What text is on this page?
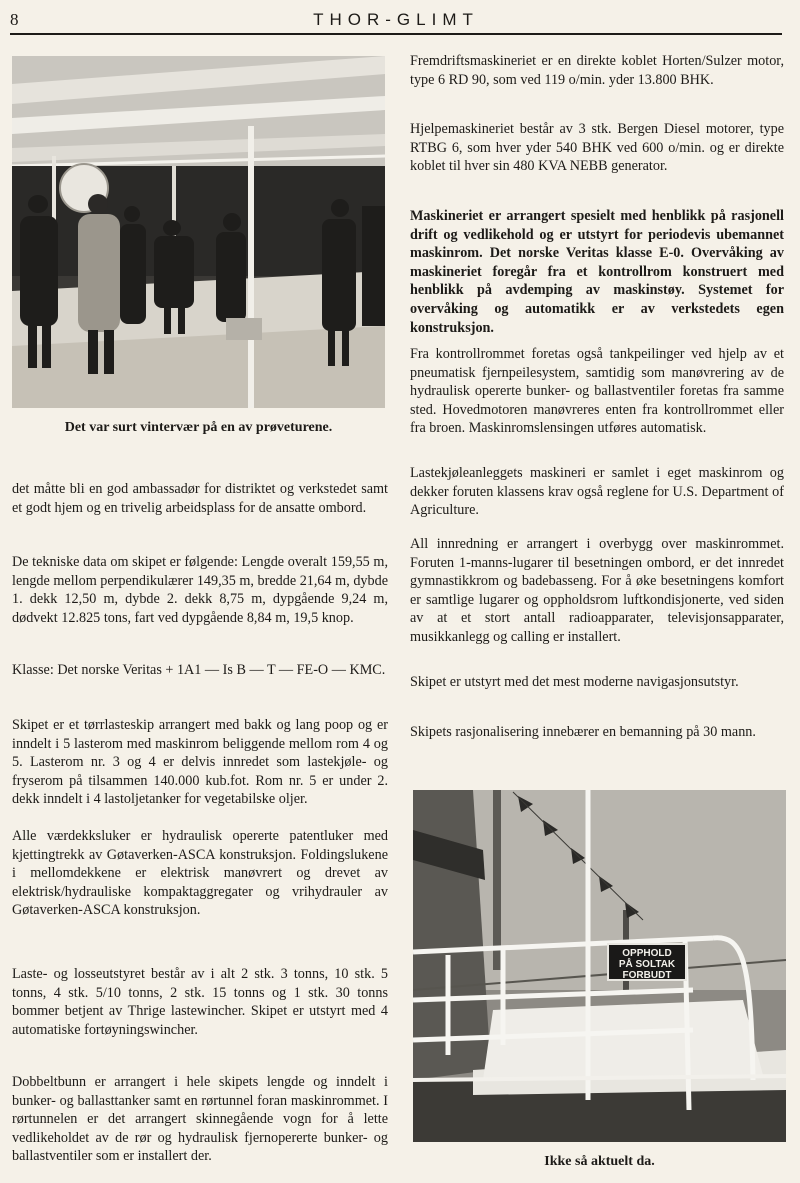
8	THOR-GLIMT
Det var surt vintervær på en av prøveturene.

det måtte bli en god ambassadør for distriktet og verkstedet samt et godt hjem og en trivelig arbeidsplass for de ansatte ombord.

De tekniske data om skipet er følgende: Lengde overalt 159,55 m, lengde mellom perpendikulærer 149,35 m, bredde 21,64 m, dybde 1. dekk 12,50 m, dybde 2. dekk 8,75 m, dypgående 9,24 m, dødvekt 12.825 tons, fart ved dypgående 8,84 m, 19,5 knop.

Klasse: Det norske Veritas + 1A1 — Is B — T — FE-O — KMC.

Skipet er et tørrlasteskip arrangert med bakk og lang poop og er inndelt i 5 lasterom med maskinrom beliggende mellom rom 4 og 5. Lasterom nr. 3 og 4 er delvis innredet som lastekjøle- og fryserom på tilsammen 140.000 kub.fot. Rom nr. 5 er under 2. dekk inndelt i 4 lastoljetanker for vegetabilske oljer.

Alle værdekksluker er hydraulisk opererte patentluker med kjettingtrekk av Gøtaverken-ASCA konstruksjon. Foldingslukene i mellomdekkene er elektrisk manøvrert og drevet av elektrisk/hydrauliske kompaktaggregater og vrihydrauler av Gøtaverken-ASCA konstruksjon.

Laste- og losseutstyret består av i alt 2 stk. 3 tonns, 10 stk. 5 tonns, 4 stk. 5/10 tonns, 2 stk. 15 tonns og 1 stk. 30 tonns bommer betjent av Thrige lastewincher. Skipet er utstyrt med 4 automatiske fortøyningswincher.

Dobbeltbunn er arrangert i hele skipets lengde og inndelt i bunker- og ballasttanker samt en rørtunnel foran maskinrommet. I rørtunnelen er det arrangert skinnegående vogn for å lette vedlikeholdet av de rør og hydraulisk fjernopererte bunker- og ballastventiler som er installert der.

Fremdriftsmaskineriet er en direkte koblet Horten/Sulzer motor, type 6 RD 90, som ved 119 o/min. yder 13.800 BHK.

Hjelpemaskineriet består av 3 stk. Bergen Diesel motorer, type RTBG 6, som hver yder 540 BHK ved 600 o/min. og er direkte koblet til hver sin 480 KVA NEBB generator.

Maskineriet er arrangert spesielt med henblikk på rasjonell drift og vedlikehold og er utstyrt for periodevis ubemannet maskinrom. Det norske Veritas klasse E-0. Overvåking av maskineriet foregår fra et kontrollrom konstruert med henblikk på avdemping av maskinstøy. Systemet for overvåking og automatikk er av verkstedets egen konstruksjon.

Fra kontrollrommet foretas også tankpeilinger ved hjelp av et pneumatisk fjernpeilesystem, samtidig som manøvrering av de hydraulisk opererte bunker- og ballastventiler foretas fra samme sted. Hovedmotoren manøvreres enten fra kontrollrommet eller fra broen. Maskinromslensingen utføres automatisk.

Lastekjøleanleggets maskineri er samlet i eget maskinrom og dekker foruten klassens krav også reglene for U.S. Department of Agriculture.

All innredning er arrangert i overbygg over maskinrommet. Foruten 1-manns-lugarer til besetningen ombord, er det innredet gymnastikkrom og badebasseng. For å øke besetningens komfort er samtlige lugarer og oppholdsrom luftkondisjonerte, ved siden av at et stort antall radioapparater, televisjonsapparater, musikkanlegg og calling er installert.

Skipet er utstyrt med det mest moderne navigasjonsutstyr.

Skipets rasjonalisering innebærer en bemanning på 30 mann.

OPPHOLD
PÅ SOLTAK
FORBUDT
Ikke så aktuelt da.
